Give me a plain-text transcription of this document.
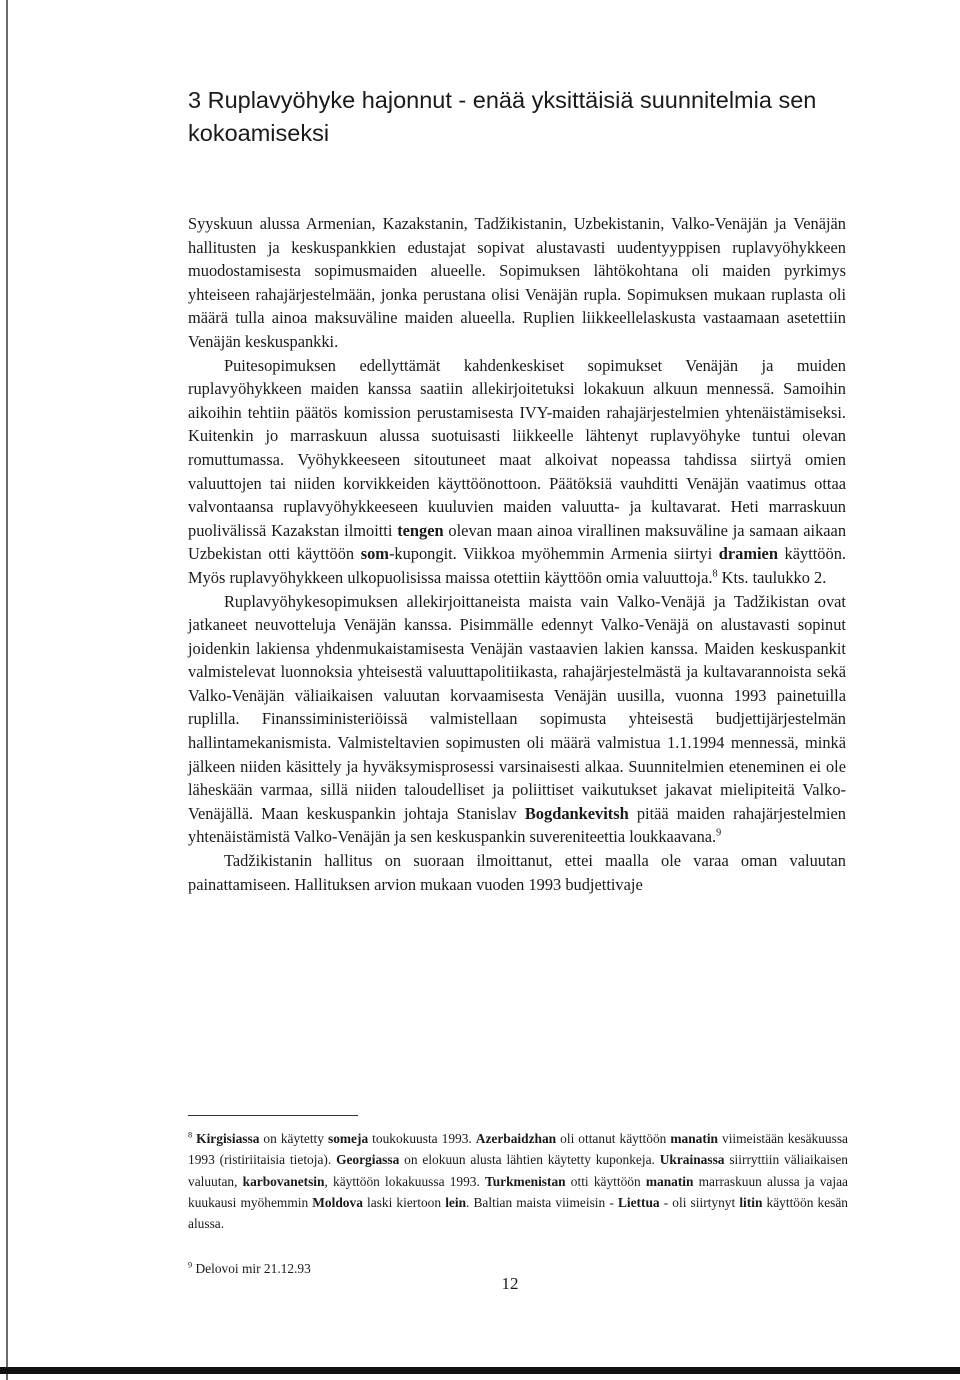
3 Ruplavyöhyke hajonnut - enää yksittäisiä suunnitelmia sen kokoamiseksi

Syyskuun alussa Armenian, Kazakstanin, Tadžikistanin, Uzbekistanin, Valko-Venäjän ja Venäjän hallitusten ja keskuspankkien edustajat sopivat alustavasti uudentyyppisen ruplavyöhykkeen muodostamisesta sopimusmaiden alueelle. Sopimuksen lähtökohtana oli maiden pyrkimys yhteiseen rahajärjestelmään, jonka perustana olisi Venäjän rupla. Sopimuksen mukaan ruplasta oli määrä tulla ainoa maksuväline maiden alueella. Ruplien liikkeellelaskusta vastaamaan asetettiin Venäjän keskuspankki.

Puitesopimuksen edellyttämät kahdenkeskiset sopimukset Venäjän ja muiden ruplavyöhykkeen maiden kanssa saatiin allekirjoitetuksi lokakuun alkuun mennessä. Samoihin aikoihin tehtiin päätös komission perustamisesta IVY-maiden rahajärjestelmien yhtenäistämiseksi. Kuitenkin jo marraskuun alussa suotuisasti liikkeelle lähtenyt ruplavyöhyke tuntui olevan romuttumassa. Vyöhykkeeseen sitoutuneet maat alkoivat nopeassa tahdissa siirtyä omien valuuttojen tai niiden korvikkeiden käyttöönottoon. Päätöksiä vauhditti Venäjän vaatimus ottaa valvontaansa ruplavyöhykkeeseen kuuluvien maiden valuutta- ja kultavarat. Heti marraskuun puolivälissä Kazakstan ilmoitti tengen olevan maan ainoa virallinen maksuväline ja samaan aikaan Uzbekistan otti käyttöön som-kupongit. Viikkoa myöhemmin Armenia siirtyi dramien käyttöön. Myös ruplavyöhykkeen ulkopuolisissa maissa otettiin käyttöön omia valuuttoja.$^8$ Kts. taulukko 2.

Ruplavyöhykesopimuksen allekirjoittaneista maista vain Valko-Venäjä ja Tadžikistan ovat jatkaneet neuvotteluja Venäjän kanssa. Pisimmälle edennyt Valko-Venäjä on alustavasti sopinut joidenkin lakiensa yhdenmukaistamisesta Venäjän vastaavien lakien kanssa. Maiden keskuspankit valmistelevat luonnoksia yhteisestä valuuttapolitiikasta, rahajärjestelmästä ja kultavarannoista sekä Valko-Venäjän väliaikaisen valuutan korvaamisesta Venäjän uusilla, vuonna 1993 painetuilla ruplilla. Finanssiministeriöissä valmistellaan sopimusta yhteisestä budjettijärjestelmän hallintamekanismista. Valmisteltavien sopimusten oli määrä valmistua 1.1.1994 mennessä, minkä jälkeen niiden käsittely ja hyväksymisprosessi varsinaisesti alkaa. Suunnitelmien eteneminen ei ole läheskään varmaa, sillä niiden taloudelliset ja poliittiset vaikutukset jakavat mielipiteitä Valko-Venäjällä. Maan keskuspankin johtaja Stanislav Bogdankevitsh pitää maiden rahajärjestelmien yhtenäistämistä Valko-Venäjän ja sen keskuspankin suvereniteettia loukkaavana.$^9$

Tadžikistanin hallitus on suoraan ilmoittanut, ettei maalla ole varaa oman valuutan painattamiseen. Hallituksen arvion mukaan vuoden 1993 budjettivaje

$^8$ Kirgisiassa on käytetty someja toukokuusta 1993. Azerbaidzhan oli ottanut käyttöön manatin viimeistään kesäkuussa 1993 (ristiriitaisia tietoja). Georgiassa on elokuun alusta lähtien käytetty kuponkeja. Ukrainassa siirryttiin väliaikaisen valuutan, karbovanetsin, käyttöön lokakuussa 1993. Turkmenistan otti käyttöön manatin marraskuun alussa ja vajaa kuukausi myöhemmin Moldova laski kiertoon lein. Baltian maista viimeisin - Liettua - oli siirtynyt litin käyttöön kesän alussa.

$^9$ Delovoi mir 21.12.93

12
